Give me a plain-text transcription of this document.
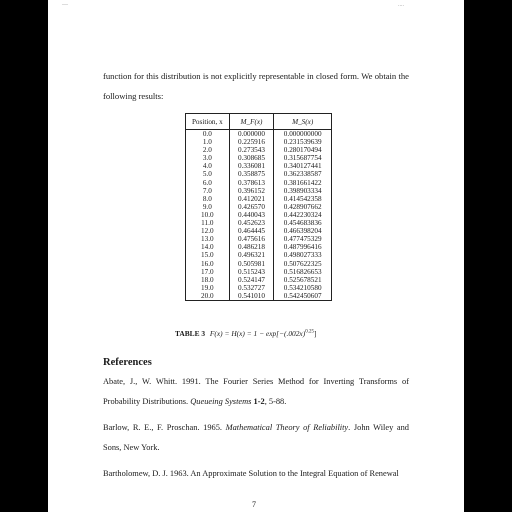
—	....
function for this distribution is not explicitly representable in closed form. We obtain the following results:
Position, x	M_F(x)	M_S(x)
0.0	0.000000	0.000000000
1.0	0.225916	0.231539639
2.0	0.273543	0.280170494
3.0	0.308685	0.315687754
4.0	0.336081	0.340127441
5.0	0.358875	0.362338587
6.0	0.378613	0.381661422
7.0	0.396152	0.398903334
8.0	0.412021	0.414542358
9.0	0.426570	0.428907662
10.0	0.440043	0.442230324
11.0	0.452623	0.454683836
12.0	0.464445	0.466398204
13.0	0.475616	0.477475329
14.0	0.486218	0.487996416
15.0	0.496321	0.498027333
16.0	0.505981	0.507622325
17.0	0.515243	0.516826653
18.0	0.524147	0.525678521
19.0	0.532727	0.534210580
20.0	0.541010	0.542450607
TABLE 3 $F(x) = H(x) = 1 - \exp[-(.002x)^{0.25}]$
References
Abate, J., W. Whitt. 1991. The Fourier Series Method for Inverting Transforms of Probability Distributions. Queueing Systems 1-2, 5-88.
Barlow, R. E., F. Proschan. 1965. Mathematical Theory of Reliability. John Wiley and Sons, New York.
Bartholomew, D. J. 1963. An Approximate Solution to the Integral Equation of Renewal
7
